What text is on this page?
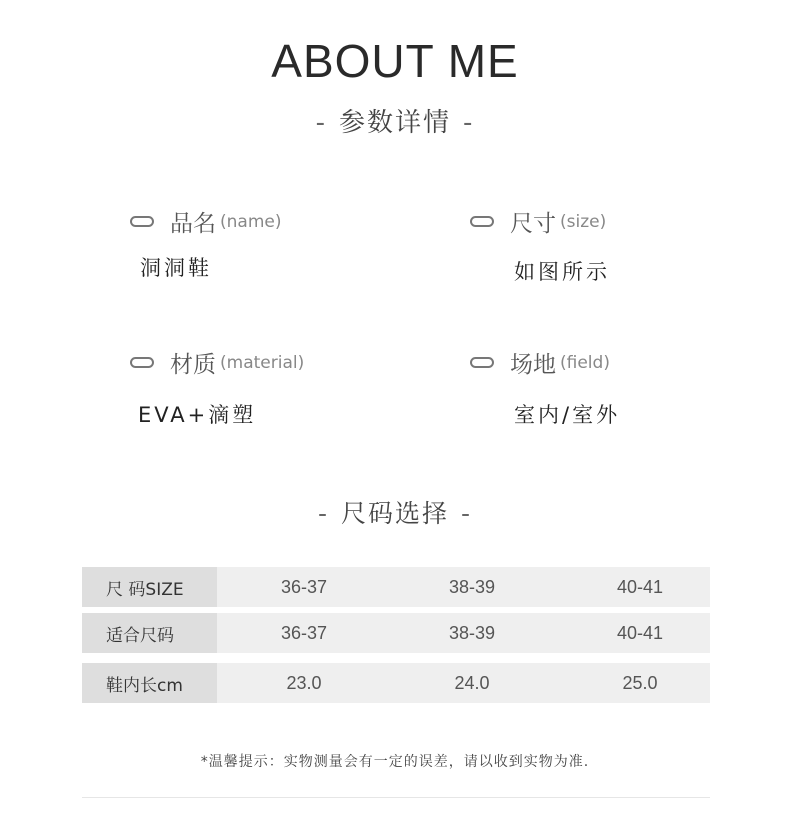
ABOUT ME
- 参数详情 -
品名 (name)
洞洞鞋
尺寸 (size)
如图所示
材质 (material)
EVA+滴塑
场地 (field)
室内/室外
- 尺码选择 -
尺 码SIZE	36-37	38-39	40-41
适合尺码	36-37	38-39	40-41
鞋内长cm	23.0	24.0	25.0
*温馨提示：实物测量会有一定的误差，请以收到实物为准.
